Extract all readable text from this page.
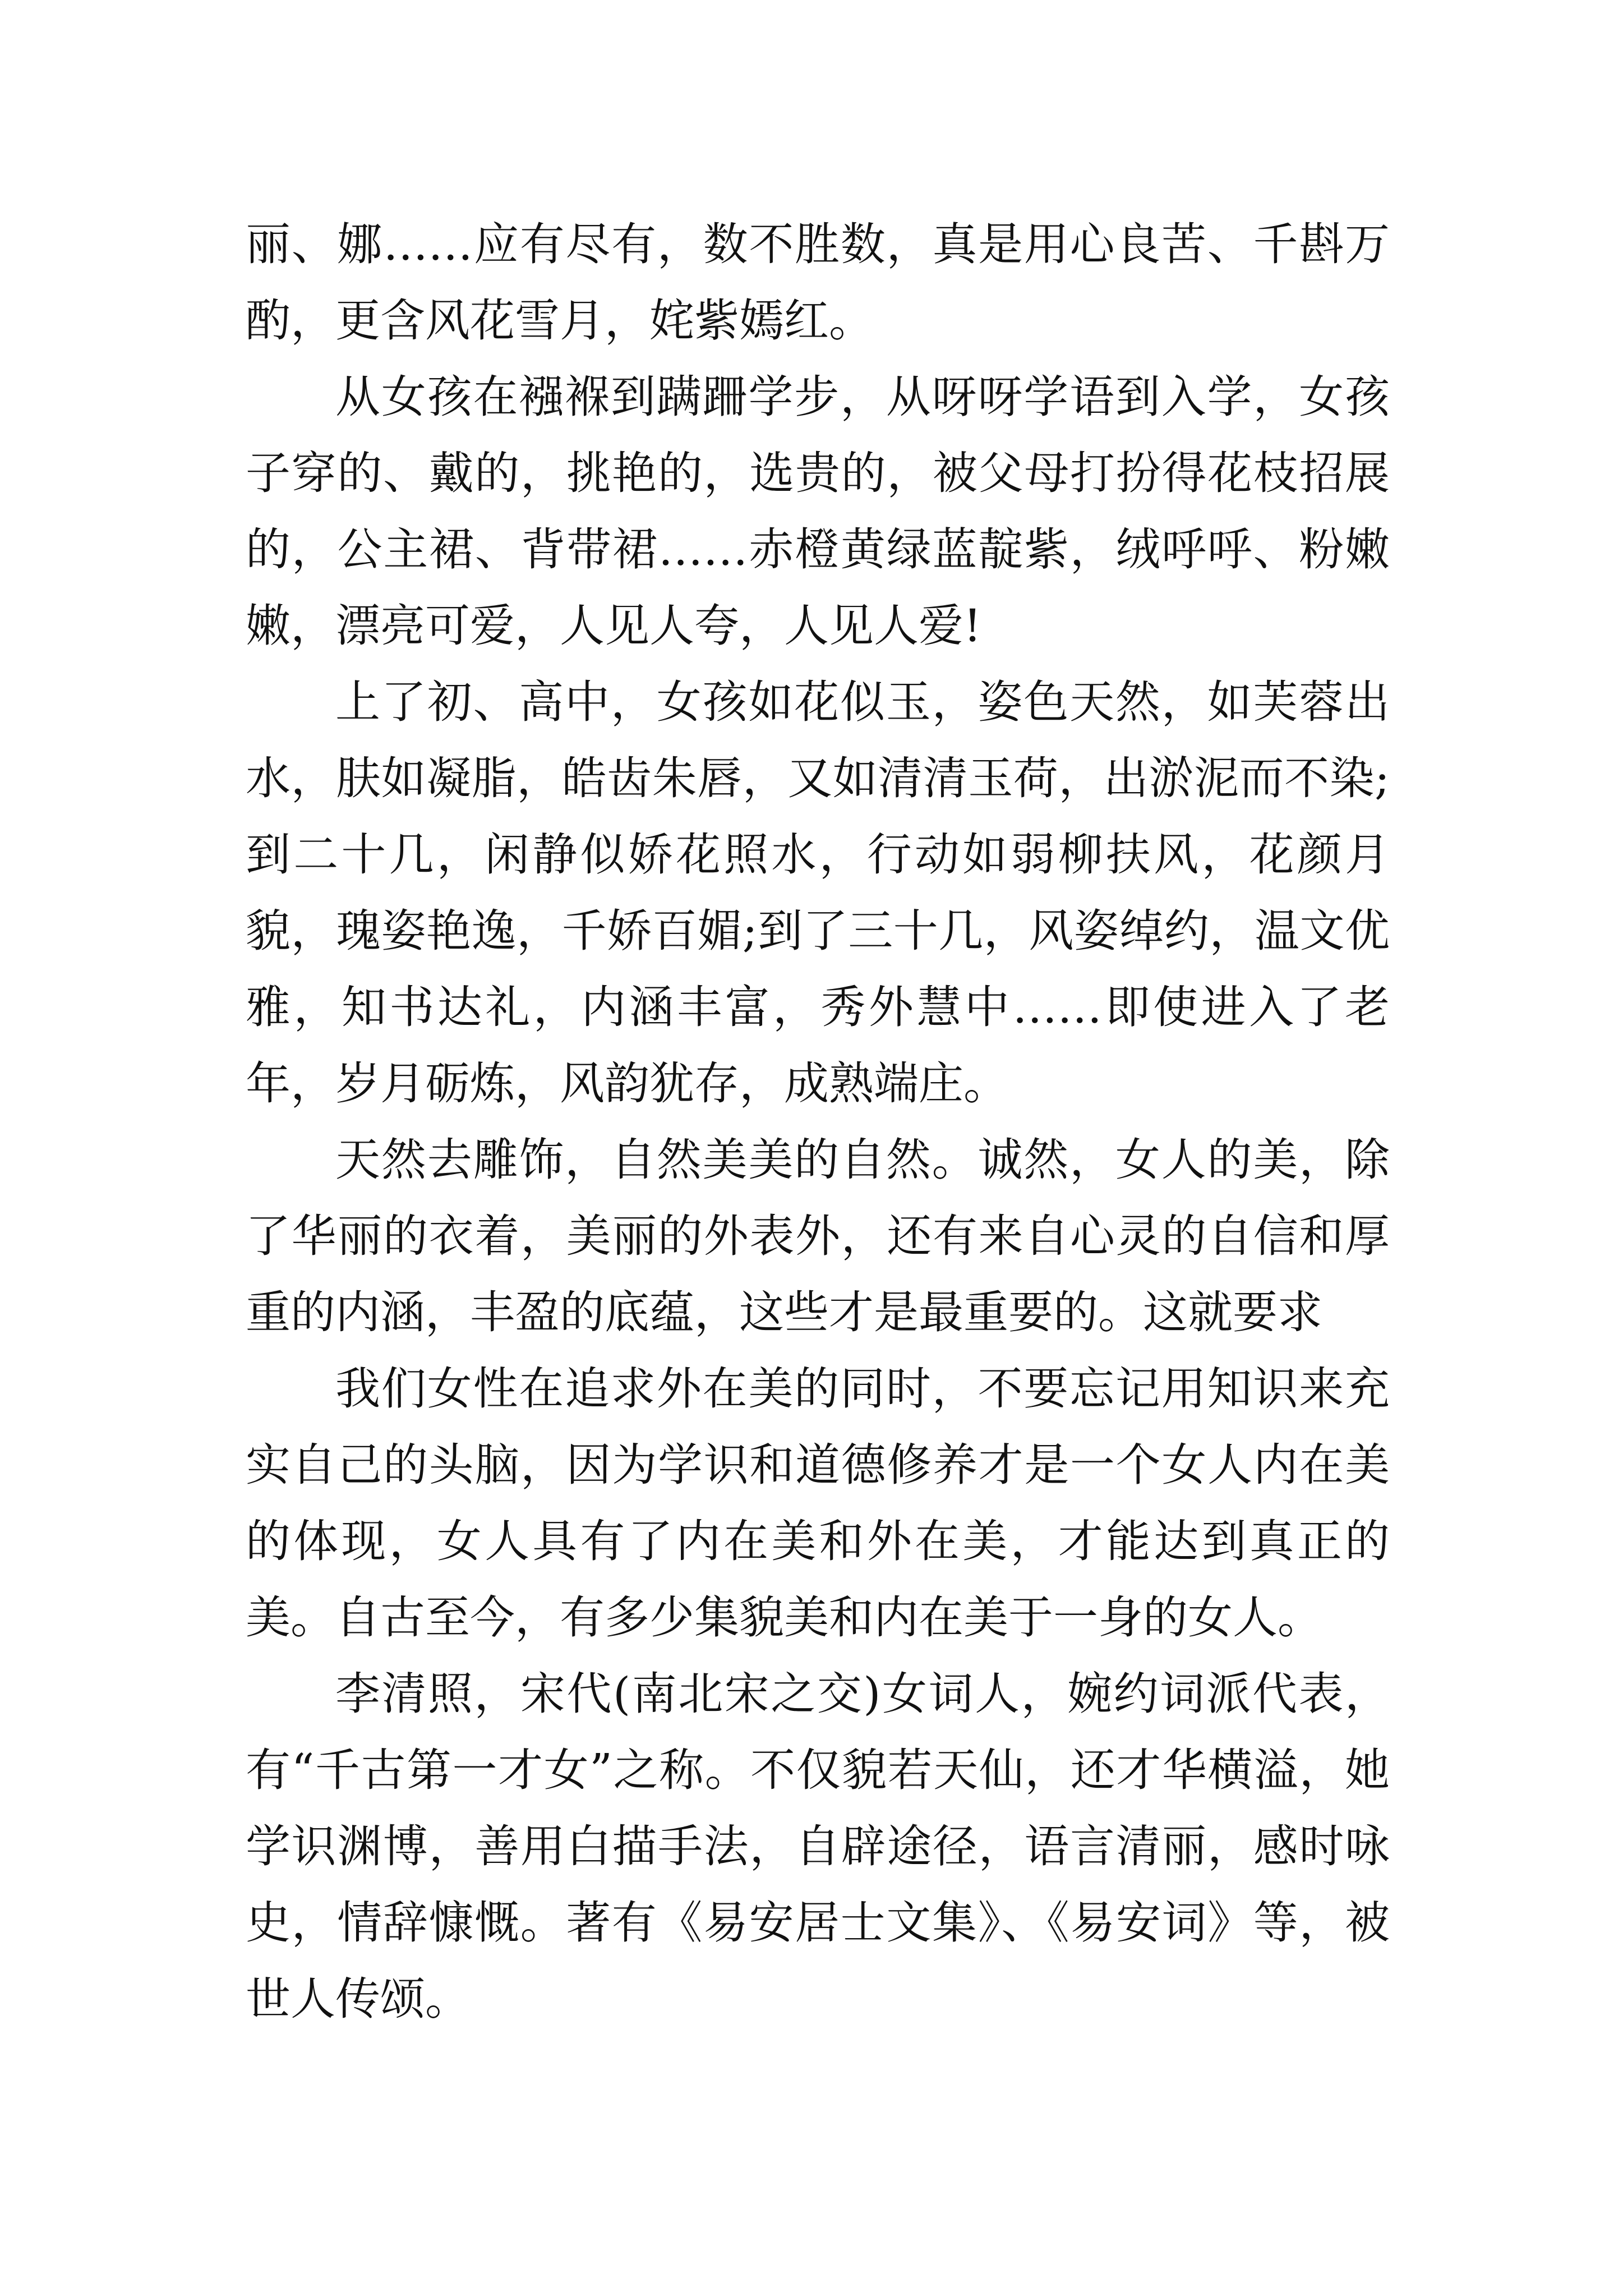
丽、娜……应有尽有，数不胜数，真是用心良苦、千斟万酌，更含风花雪月，姹紫嫣红。

从女孩在襁褓到蹒跚学步，从呀呀学语到入学，女孩子穿的、戴的，挑艳的，选贵的，被父母打扮得花枝招展的，公主裙、背带裙……赤橙黄绿蓝靛紫，绒呼呼、粉嫩嫩，漂亮可爱，人见人夸，人见人爱!

上了初、高中，女孩如花似玉，姿色天然，如芙蓉出水，肤如凝脂，皓齿朱唇，又如清清玉荷，出淤泥而不染;到二十几，闲静似娇花照水，行动如弱柳扶风，花颜月貌，瑰姿艳逸，千娇百媚;到了三十几，风姿绰约，温文优雅，知书达礼，内涵丰富，秀外慧中……即使进入了老年，岁月砺炼，风韵犹存，成熟端庄。

天然去雕饰，自然美美的自然。诚然，女人的美，除了华丽的衣着，美丽的外表外，还有来自心灵的自信和厚重的内涵，丰盈的底蕴，这些才是最重要的。这就要求

我们女性在追求外在美的同时，不要忘记用知识来充实自己的头脑，因为学识和道德修养才是一个女人内在美的体现，女人具有了内在美和外在美，才能达到真正的美。自古至今，有多少集貌美和内在美于一身的女人。

李清照，宋代(南北宋之交)女词人，婉约词派代表，有“千古第一才女”之称。不仅貌若天仙，还才华横溢，她学识渊博，善用白描手法，自辟途径，语言清丽，感时咏史，情辞慷慨。著有《易安居士文集》、《易安词》等，被世人传颂。
